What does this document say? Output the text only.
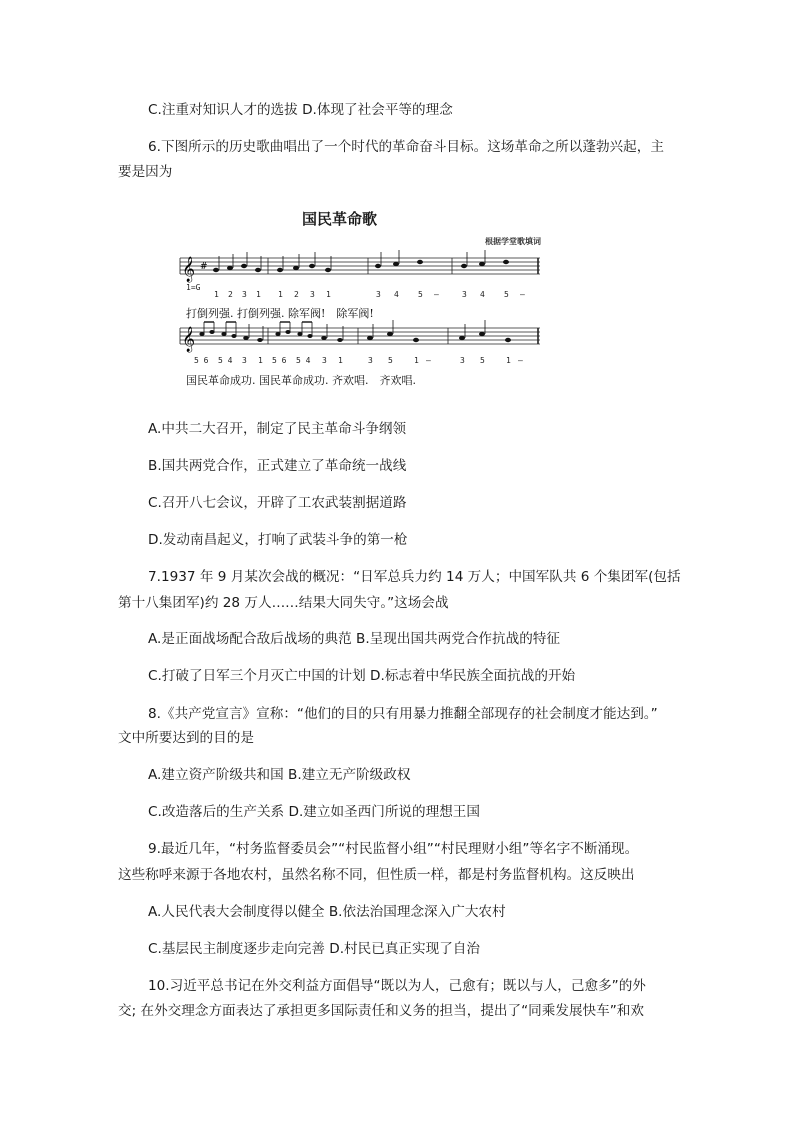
C.注重对知识人才的选拔 D.体现了社会平等的理念
6.下图所示的历史歌曲唱出了一个时代的革命奋斗目标。这场革命之所以蓬勃兴起，主
要是因为
𝄞 #
1=G
1 2 3 1 1 2 3 1	3 4 5 —	3 4 5 —
打倒列强. 打倒列强. 除军阀!　除军阀!
𝄞
5 6 5 4 3 1 5 6 5 4 3 1	3 5	1 —	3 5	1 —
国民革命成功. 国民革命成功. 齐欢唱.　齐欢唱.
国民革命歌
根据学堂歌填词
A.中共二大召开，制定了民主革命斗争纲领
B.国共两党合作，正式建立了革命统一战线
C.召开八七会议，开辟了工农武装割据道路
D.发动南昌起义，打响了武装斗争的第一枪
7.1937 年 9 月某次会战的概况：“日军总兵力约 14 万人；中国军队共 6 个集团军(包括
第十八集团军)约 28 万人……结果大同失守。”这场会战
A.是正面战场配合敌后战场的典范 B.呈现出国共两党合作抗战的特征
C.打破了日军三个月灭亡中国的计划 D.标志着中华民族全面抗战的开始
8.《共产党宣言》宣称：“他们的目的只有用暴力推翻全部现存的社会制度才能达到。”
文中所要达到的目的是
A.建立资产阶级共和国 B.建立无产阶级政权
C.改造落后的生产关系 D.建立如圣西门所说的理想王国
9.最近几年，“村务监督委员会”“村民监督小组”“村民理财小组”等名字不断涌现。
这些称呼来源于各地农村，虽然名称不同，但性质一样，都是村务监督机构。这反映出
A.人民代表大会制度得以健全 B.依法治国理念深入广大农村
C.基层民主制度逐步走向完善 D.村民已真正实现了自治
10.习近平总书记在外交利益方面倡导“既以为人，己愈有；既以与人，己愈多”的外
交; 在外交理念方面表达了承担更多国际责任和义务的担当，提出了“同乘发展快车”和欢
